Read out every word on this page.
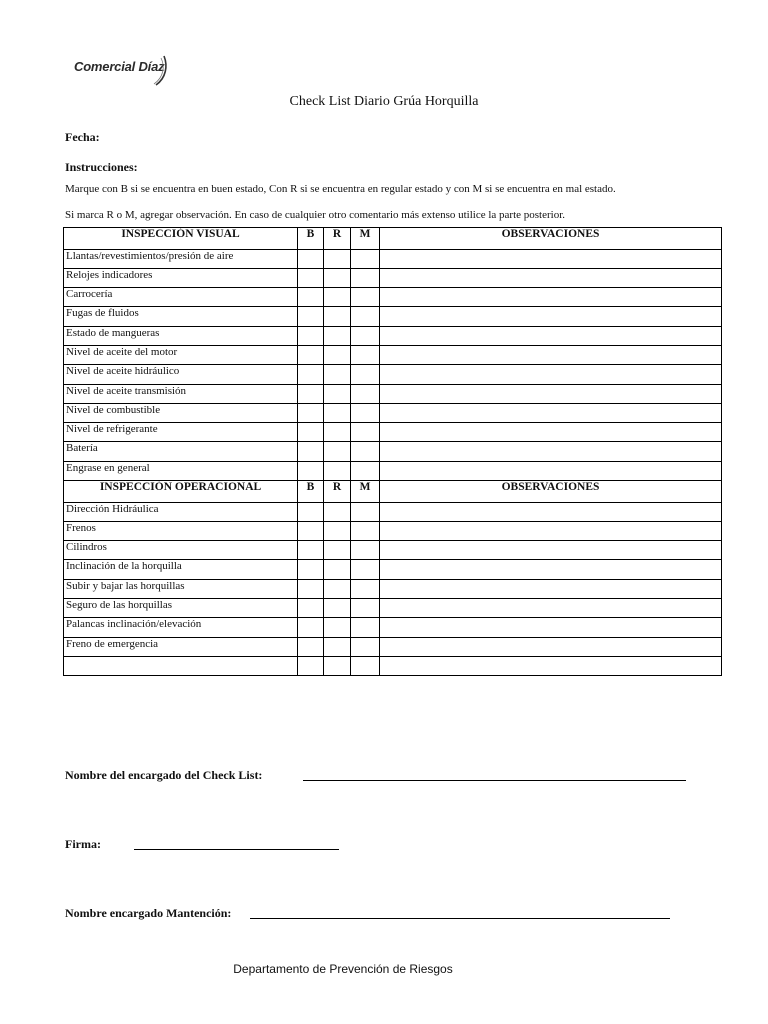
Comercial Díaz
Check List Diario Grúa Horquilla
Fecha:
Instrucciones:
Marque con B si se encuentra en buen estado, Con R si se encuentra en regular estado y con M si se encuentra en mal estado.
Si marca R o M, agregar observación. En caso de cualquier otro comentario más extenso utilice la parte posterior.
INSPECCIÓN VISUAL	B	R	M	OBSERVACIONES
Llantas/revestimientos/presión de aire				
Relojes indicadores				
Carrocería				
Fugas de fluidos				
Estado de mangueras				
Nivel de aceite del motor				
Nivel de aceite hidráulico				
Nivel de aceite transmisión				
Nivel de combustible				
Nivel de refrigerante				
Batería				
Engrase en general				
INSPECCIÓN OPERACIONAL	B	R	M	OBSERVACIONES
Dirección Hidráulica				
Frenos				
Cilindros				
Inclinación de la horquilla				
Subir y bajar las horquillas				
Seguro de las horquillas				
Palancas inclinación/elevación				
Freno de emergencia				

Nombre del encargado del Check List:
Firma:
Nombre encargado Mantención:
Departamento de Prevención de Riesgos
